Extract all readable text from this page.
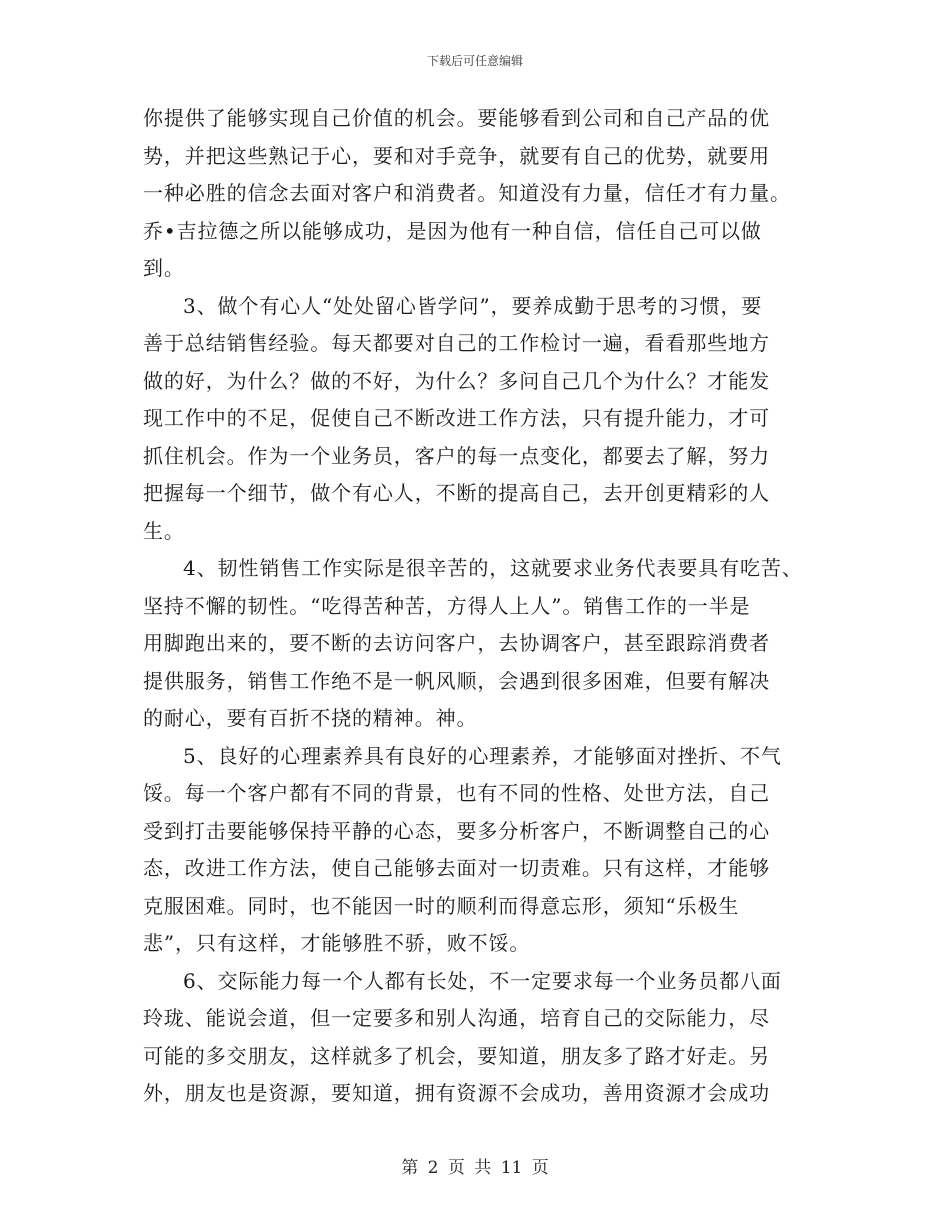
下载后可任意编辑
你提供了能够实现自己价值的机会。要能够看到公司和自己产品的优
势，并把这些熟记于心，要和对手竞争，就要有自己的优势，就要用
一种必胜的信念去面对客户和消费者。知道没有力量，信任才有力量。
乔•吉拉德之所以能够成功，是因为他有一种自信，信任自己可以做
到。
3、做个有心人“处处留心皆学问”，要养成勤于思考的习惯，要
善于总结销售经验。每天都要对自己的工作检讨一遍，看看那些地方
做的好，为什么？做的不好，为什么？多问自己几个为什么？才能发
现工作中的不足，促使自己不断改进工作方法，只有提升能力，才可
抓住机会。作为一个业务员，客户的每一点变化，都要去了解，努力
把握每一个细节，做个有心人，不断的提高自己，去开创更精彩的人
生。
4、韧性销售工作实际是很辛苦的，这就要求业务代表要具有吃苦、
坚持不懈的韧性。“吃得苦种苦，方得人上人”。销售工作的一半是
用脚跑出来的，要不断的去访问客户，去协调客户，甚至跟踪消费者
提供服务，销售工作绝不是一帆风顺，会遇到很多困难，但要有解决
的耐心，要有百折不挠的精神。神。
5、良好的心理素养具有良好的心理素养，才能够面对挫折、不气
馁。每一个客户都有不同的背景，也有不同的性格、处世方法，自己
受到打击要能够保持平静的心态，要多分析客户，不断调整自己的心
态，改进工作方法，使自己能够去面对一切责难。只有这样，才能够
克服困难。同时，也不能因一时的顺利而得意忘形，须知“乐极生
悲”，只有这样，才能够胜不骄，败不馁。
6、交际能力每一个人都有长处，不一定要求每一个业务员都八面
玲珑、能说会道，但一定要多和别人沟通，培育自己的交际能力，尽
可能的多交朋友，这样就多了机会，要知道，朋友多了路才好走。另
外，朋友也是资源，要知道，拥有资源不会成功，善用资源才会成功
第 2 页 共 11 页
